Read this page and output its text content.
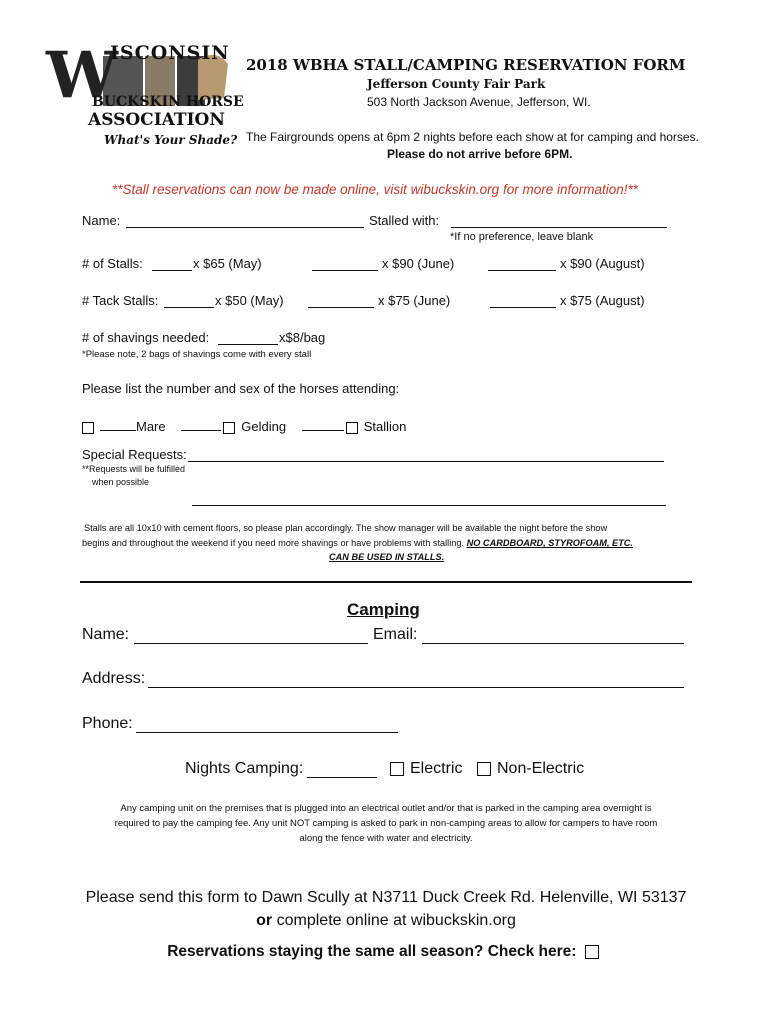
W
ISCONSIN
BUCKSKIN HORSE
ASSOCIATION
What's Your Shade?
2018 WBHA STALL/CAMPING RESERVATION FORM
Jefferson County Fair Park
503 North Jackson Avenue, Jefferson, WI.
The Fairgrounds opens at 6pm 2 nights before each show at for camping and horses.
Please do not arrive before 6PM.
**Stall reservations can now be made online, visit wibuckskin.org for more information!**
Name:	Stalled with:
*If no preference, leave blank
# of Stalls:	x $65 (May)	x $90 (June)	x $90 (August)
# Tack Stalls:	x $50 (May)	x $75 (June)	x $75 (August)
# of shavings needed:	x$8/bag
*Please note, 2 bags of shavings come with every stall
Please list the number and sex of the horses attending:
Mare	Gelding	Stallion
Special Requests:
**Requests will be fulfilled
when possible
Stalls are all 10x10 with cement floors, so please plan accordingly. The show manager will be available the night before the show
begins and throughout the weekend if you need more shavings or have problems with stalling. NO CARDBOARD, STYROFOAM, ETC.
CAN BE USED IN STALLS.
Camping
Name:	Email:
Address:
Phone:
Nights Camping:	Electric	Non-Electric
Any camping unit on the premises that is plugged into an electrical outlet and/or that is parked in the camping area overnight is
required to pay the camping fee. Any unit NOT camping is asked to park in non-camping areas to allow for campers to have room
along the fence with water and electricity.
Please send this form to Dawn Scully at N3711 Duck Creek Rd. Helenville, WI 53137
or complete online at wibuckskin.org
Reservations staying the same all season? Check here:
